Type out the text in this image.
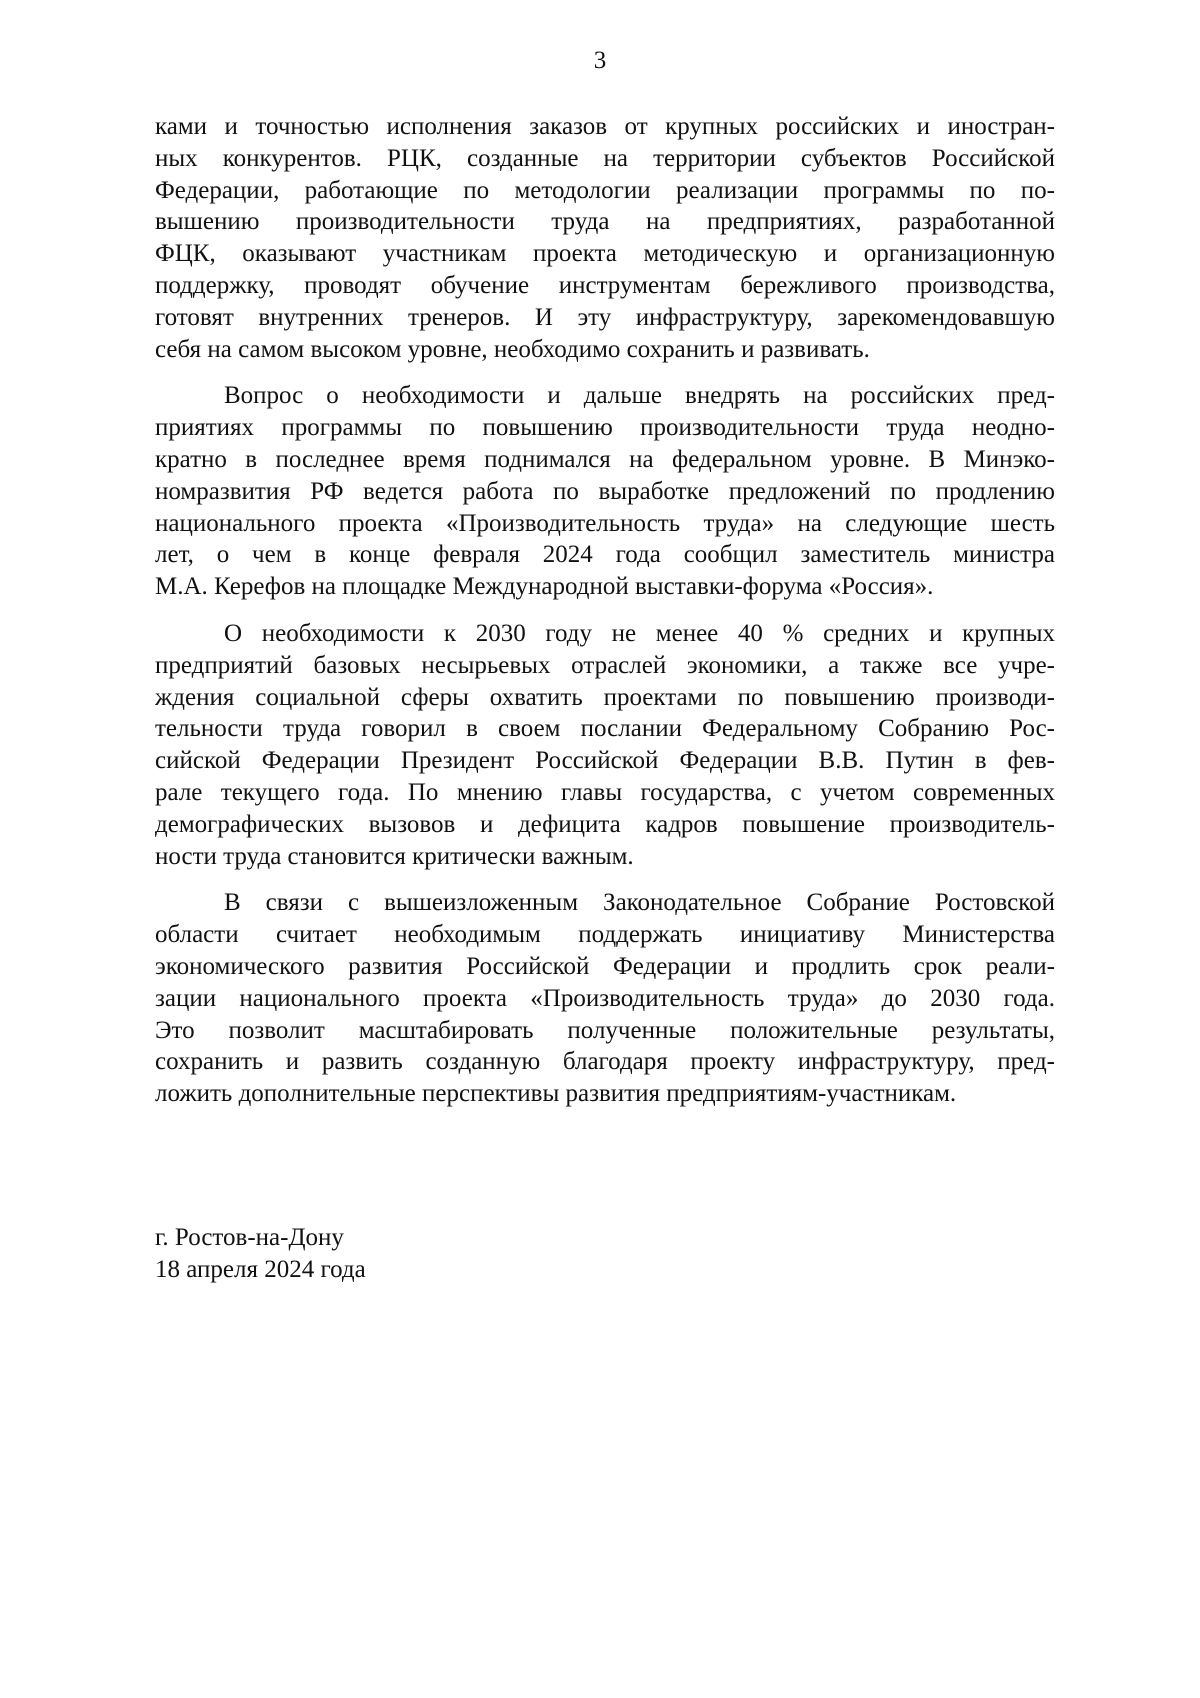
3

ками и точностью исполнения заказов от крупных российских и иностран-
ных конкурентов. РЦК, созданные на территории субъектов Российской
Федерации, работающие по методологии реализации программы по по-
вышению производительности труда на предприятиях, разработанной
ФЦК, оказывают участникам проекта методическую и организационную
поддержку, проводят обучение инструментам бережливого производства,
готовят внутренних тренеров. И эту инфраструктуру, зарекомендовавшую
себя на самом высоком уровне, необходимо сохранить и развивать.

Вопрос о необходимости и дальше внедрять на российских пред-
приятиях программы по повышению производительности труда неодно-
кратно в последнее время поднимался на федеральном уровне. В Минэко-
номразвития РФ ведется работа по выработке предложений по продлению
национального проекта «Производительность труда» на следующие шесть
лет, о чем в конце февраля 2024 года сообщил заместитель министра
М.А. Керефов на площадке Международной выставки-форума «Россия».

О необходимости к 2030 году не менее 40 % средних и крупных
предприятий базовых несырьевых отраслей экономики, а также все учре-
ждения социальной сферы охватить проектами по повышению производи-
тельности труда говорил в своем послании Федеральному Собранию Рос-
сийской Федерации Президент Российской Федерации В.В. Путин в фев-
рале текущего года. По мнению главы государства, с учетом современных
демографических вызовов и дефицита кадров повышение производитель-
ности труда становится критически важным.

В связи с вышеизложенным Законодательное Собрание Ростовской
области считает необходимым поддержать инициативу Министерства
экономического развития Российской Федерации и продлить срок реали-
зации национального проекта «Производительность труда» до 2030 года.
Это позволит масштабировать полученные положительные результаты,
сохранить и развить созданную благодаря проекту инфраструктуру, пред-
ложить дополнительные перспективы развития предприятиям-участникам.

г. Ростов-на-Дону
18 апреля 2024 года
